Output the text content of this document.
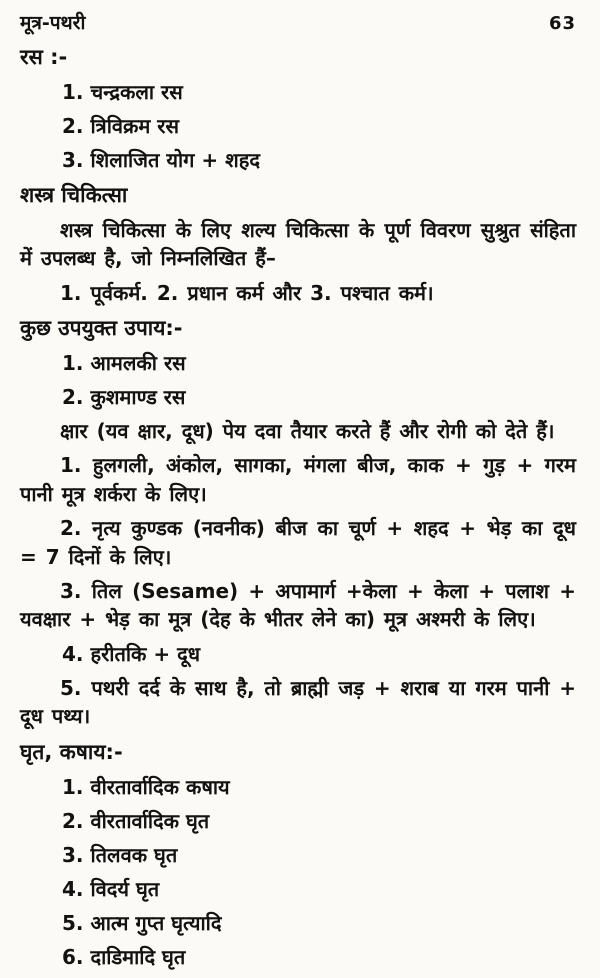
मूत्र-पथरी	63
रस :-
1. चन्द्रकला रस
2. त्रिविक्रम रस
3. शिलाजित योग + शहद
शस्त्र चिकित्सा
शस्त्र चिकित्सा के लिए शल्य चिकित्सा के पूर्ण विवरण सुश्रुत संहिता में उपलब्ध है, जो निम्नलिखित हैं–
1. पूर्वकर्म. 2. प्रधान कर्म और 3. पश्चात कर्म।
कुछ उपयुक्त उपाय:-
1. आमलकी रस
2. कुशमाण्ड रस
क्षार (यव क्षार, दूध) पेय दवा तैयार करते हैं और रोगी को देते हैं।
1. हुलगली, अंकोल, सागका, मंगला बीज, काक + गुड़ + गरम पानी मूत्र शर्करा के लिए।
2. नृत्य कुण्डक (नवनीक) बीज का चूर्ण + शहद + भेड़ का दूध = 7 दिनों के लिए।
3. तिल (Sesame) + अपामार्ग +केला + केला + पलाश + यवक्षार + भेड़ का मूत्र (देह के भीतर लेने का) मूत्र अश्मरी के लिए।
4. हरीतकि + दूध
5. पथरी दर्द के साथ है, तो ब्राह्मी जड़ + शराब या गरम पानी + दूध पथ्य।
घृत, कषाय:-
1. वीरतार्वादिक कषाय
2. वीरतार्वादिक घृत
3. तिलवक घृत
4. विदर्य घृत
5. आत्म गुप्त घृत्यादि
6. दाडिमादि घृत
